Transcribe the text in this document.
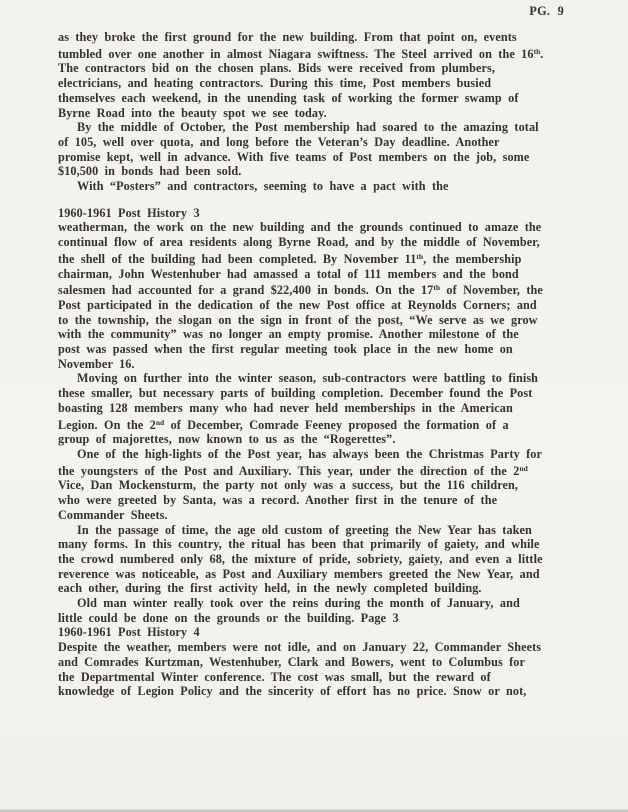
PG. 9
as they broke the first ground for the new building. From that point on, events
tumbled over one another in almost Niagara swiftness. The Steel arrived on the 16th.
The contractors bid on the chosen plans. Bids were received from plumbers,
electricians, and heating contractors. During this time, Post members busied
themselves each weekend, in the unending task of working the former swamp of
Byrne Road into the beauty spot we see today.
By the middle of October, the Post membership had soared to the amazing total
of 105, well over quota, and long before the Veteran’s Day deadline. Another
promise kept, well in advance. With five teams of Post members on the job, some
$10,500 in bonds had been sold.
With “Posters” and contractors, seeming to have a pact with the
1960-1961 Post History 3
weatherman, the work on the new building and the grounds continued to amaze the
continual flow of area residents along Byrne Road, and by the middle of November,
the shell of the building had been completed. By November 11th, the membership
chairman, John Westenhuber had amassed a total of 111 members and the bond
salesmen had accounted for a grand $22,400 in bonds. On the 17th of November, the
Post participated in the dedication of the new Post office at Reynolds Corners; and
to the township, the slogan on the sign in front of the post, “We serve as we grow
with the community” was no longer an empty promise. Another milestone of the
post was passed when the first regular meeting took place in the new home on
November 16.
Moving on further into the winter season, sub-contractors were battling to finish
these smaller, but necessary parts of building completion. December found the Post
boasting 128 members many who had never held memberships in the American
Legion. On the 2nd of December, Comrade Feeney proposed the formation of a
group of majorettes, now known to us as the “Rogerettes”.
One of the high-lights of the Post year, has always been the Christmas Party for
the youngsters of the Post and Auxiliary. This year, under the direction of the 2nd
Vice, Dan Mockensturm, the party not only was a success, but the 116 children,
who were greeted by Santa, was a record. Another first in the tenure of the
Commander Sheets.
In the passage of time, the age old custom of greeting the New Year has taken
many forms. In this country, the ritual has been that primarily of gaiety, and while
the crowd numbered only 68, the mixture of pride, sobriety, gaiety, and even a little
reverence was noticeable, as Post and Auxiliary members greeted the New Year, and
each other, during the first activity held, in the newly completed building.
Old man winter really took over the reins during the month of January, and
little could be done on the grounds or the building. Page 3
1960-1961 Post History 4
Despite the weather, members were not idle, and on January 22, Commander Sheets
and Comrades Kurtzman, Westenhuber, Clark and Bowers, went to Columbus for
the Departmental Winter conference. The cost was small, but the reward of
knowledge of Legion Policy and the sincerity of effort has no price. Snow or not,
